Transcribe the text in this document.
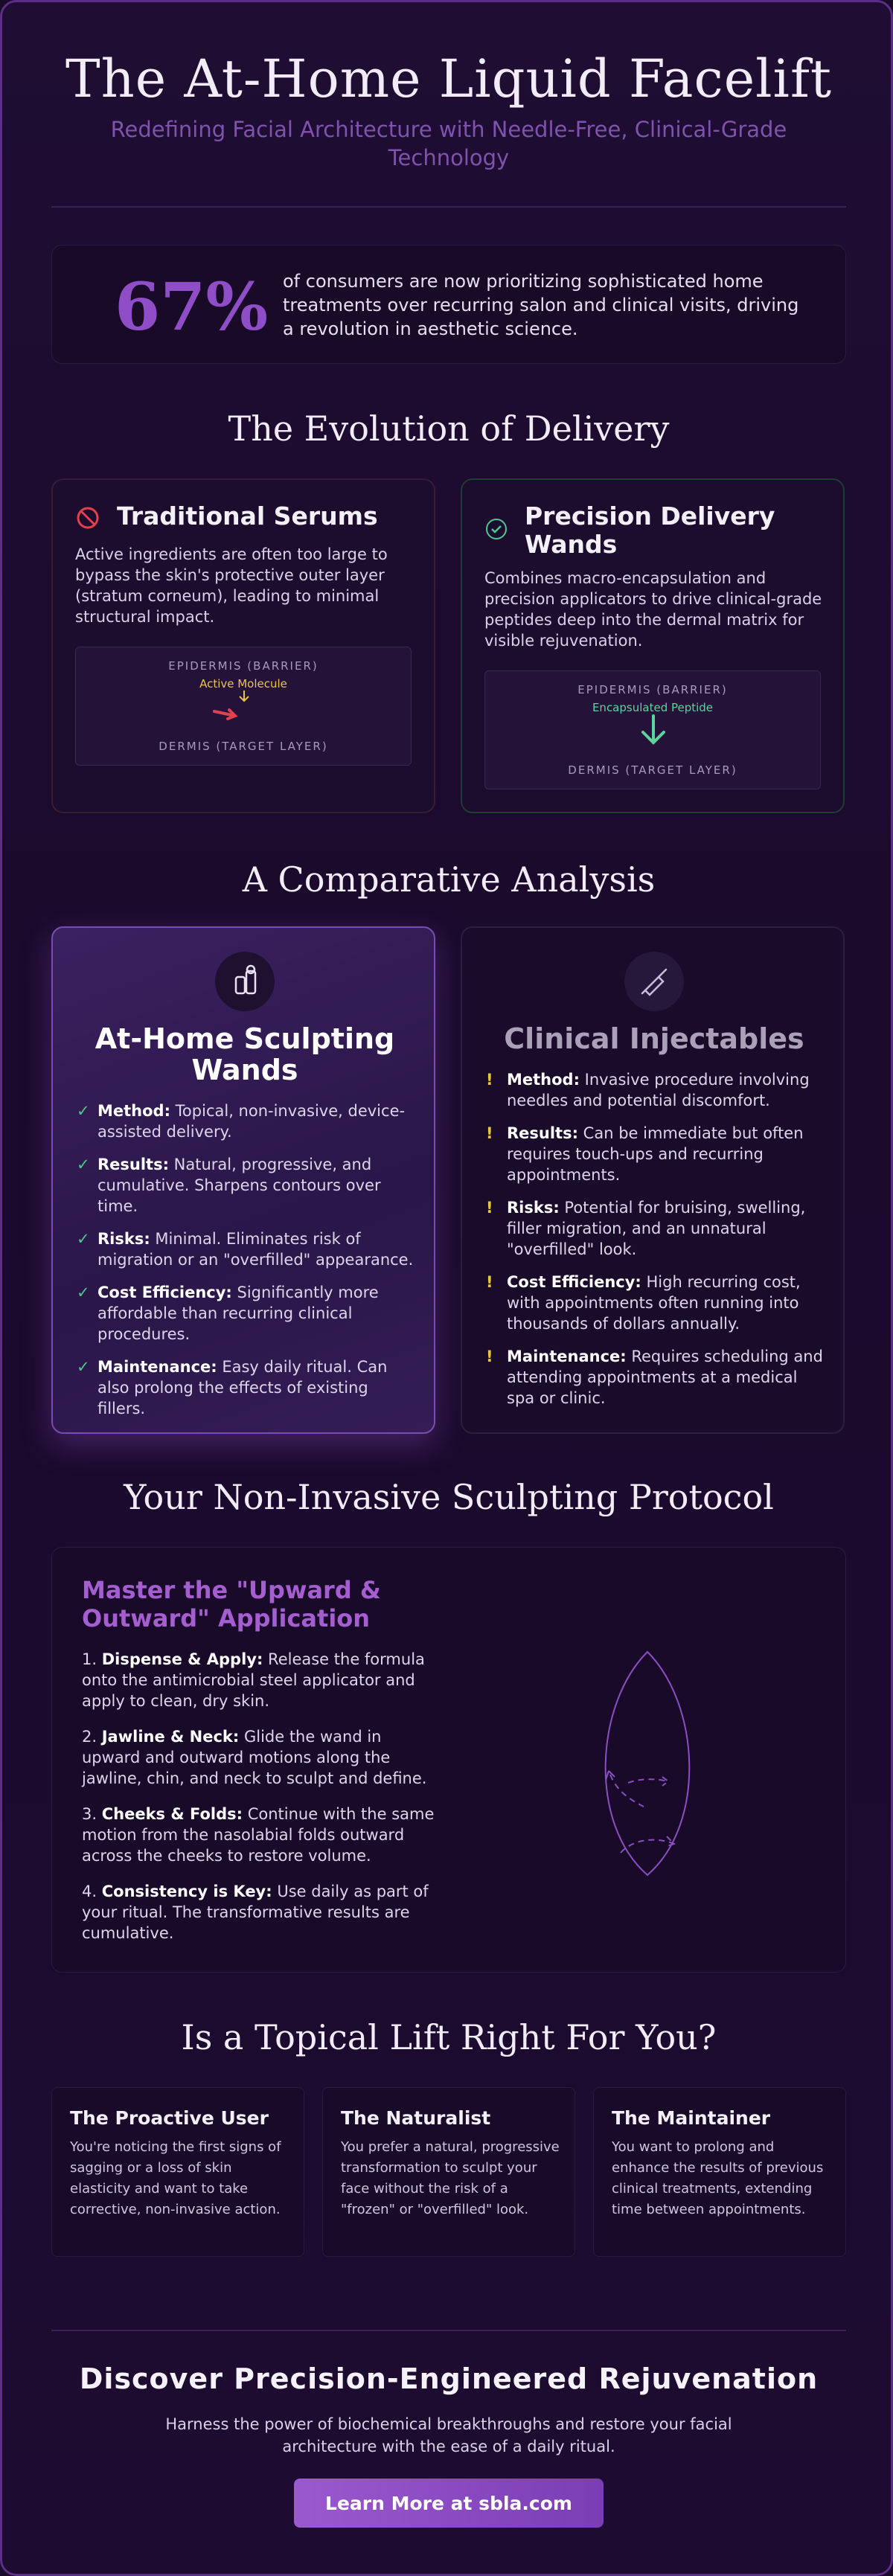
The At-Home Liquid Facelift

Redefining Facial Architecture with Needle-Free, Clinical-Grade Technology

67% of consumers are now prioritizing sophisticated home treatments over recurring salon and clinical visits, driving a revolution in aesthetic science.
The Evolution of Delivery
Traditional Serums

Active ingredients are often too large to bypass the skin's protective outer layer (stratum corneum), leading to minimal structural impact.

EPIDERMIS (BARRIER)
Active Molecule
DERMIS (TARGET LAYER)
Precision Delivery Wands

Combines macro-encapsulation and precision applicators to drive clinical-grade peptides deep into the dermal matrix for visible rejuvenation.

EPIDERMIS (BARRIER)
Encapsulated Peptide
DERMIS (TARGET LAYER)
A Comparative Analysis
At-Home Sculpting Wands
✓ Method: Topical, non-invasive, device-assisted delivery.
✓ Results: Natural, progressive, and cumulative. Sharpens contours over time.
✓ Risks: Minimal. Eliminates risk of migration or an "overfilled" appearance.
✓ Cost Efficiency: Significantly more affordable than recurring clinical procedures.
✓ Maintenance: Easy daily ritual. Can also prolong the effects of existing fillers.
Clinical Injectables
! Method: Invasive procedure involving needles and potential discomfort.
! Results: Can be immediate but often requires touch-ups and recurring appointments.
! Risks: Potential for bruising, swelling, filler migration, and an unnatural "overfilled" look.
! Cost Efficiency: High recurring cost, with appointments often running into thousands of dollars annually.
! Maintenance: Requires scheduling and attending appointments at a medical spa or clinic.
Your Non-Invasive Sculpting Protocol
Master the "Upward & Outward" Application
1. Dispense & Apply: Release the formula onto the antimicrobial steel applicator and apply to clean, dry skin.
2. Jawline & Neck: Glide the wand in upward and outward motions along the jawline, chin, and neck to sculpt and define.
3. Cheeks & Folds: Continue with the same motion from the nasolabial folds outward across the cheeks to restore volume.
4. Consistency is Key: Use daily as part of your ritual. The transformative results are cumulative.
Is a Topical Lift Right For You?
The Proactive User
You're noticing the first signs of sagging or a loss of skin elasticity and want to take corrective, non-invasive action.
The Naturalist
You prefer a natural, progressive transformation to sculpt your face without the risk of a "frozen" or "overfilled" look.
The Maintainer
You want to prolong and enhance the results of previous clinical treatments, extending time between appointments.
Discover Precision-Engineered Rejuvenation

Harness the power of biochemical breakthroughs and restore your facial architecture with the ease of a daily ritual.

Learn More at sbla.com
